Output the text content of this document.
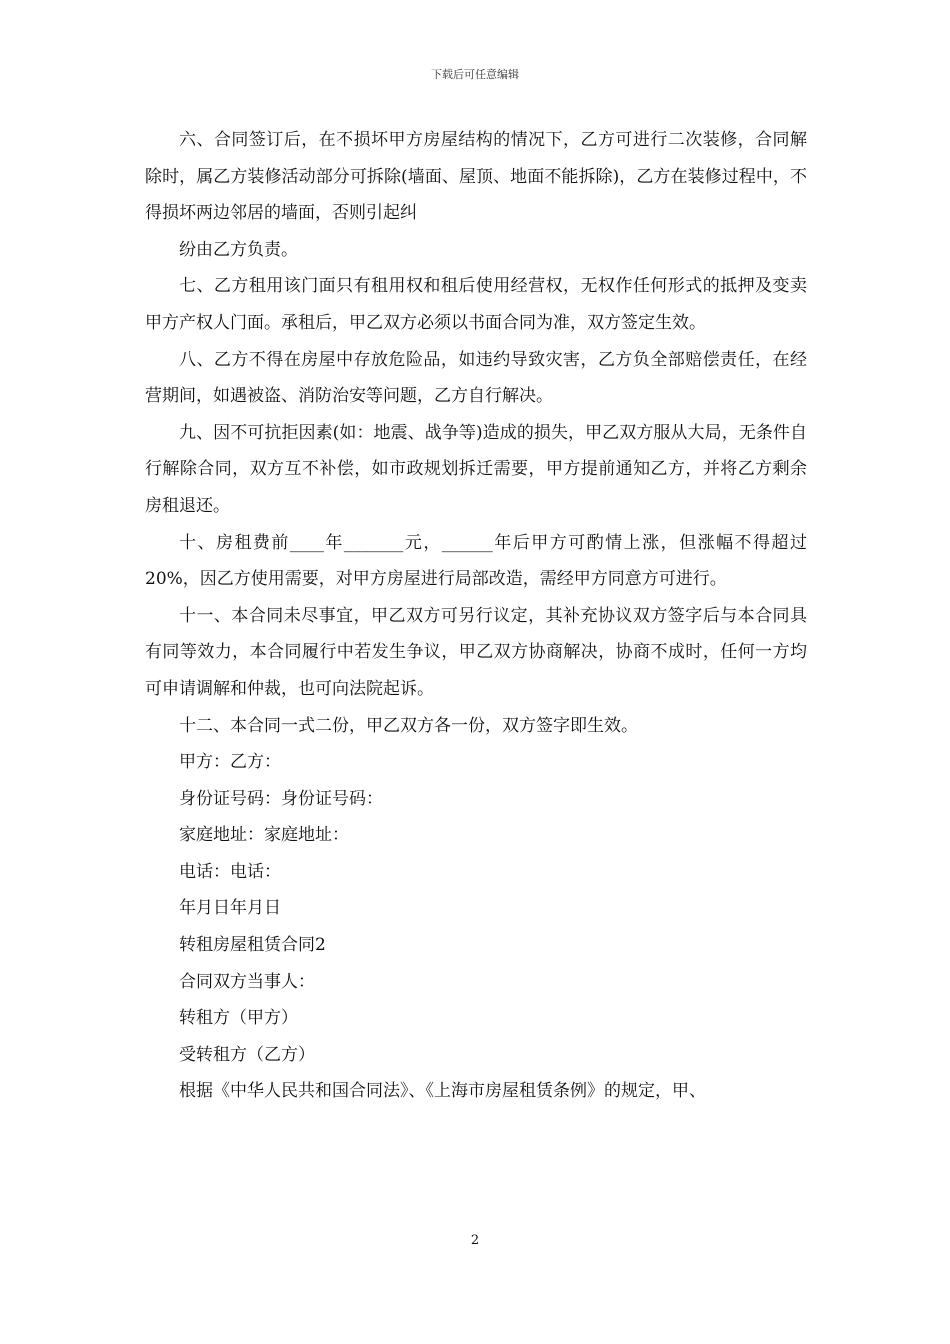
下载后可任意编辑

六、合同签订后，在不损坏甲方房屋结构的情况下，乙方可进行二次装修，合同解除时，属乙方装修活动部分可拆除(墙面、屋顶、地面不能拆除)，乙方在装修过程中，不得损坏两边邻居的墙面，否则引起纠

纷由乙方负责。

七、乙方租用该门面只有租用权和租后使用经营权，无权作任何形式的抵押及变卖甲方产权人门面。承租后，甲乙双方必须以书面合同为准，双方签定生效。

八、乙方不得在房屋中存放危险品，如违约导致灾害，乙方负全部赔偿责任，在经营期间，如遇被盗、消防治安等问题，乙方自行解决。

九、因不可抗拒因素(如：地震、战争等)造成的损失，甲乙双方服从大局，无条件自行解除合同，双方互不补偿，如市政规划拆迁需要，甲方提前通知乙方，并将乙方剩余房租退还。

十、房租费前____年_______元，______年后甲方可酌情上涨，但涨幅不得超过20%，因乙方使用需要，对甲方房屋进行局部改造，需经甲方同意方可进行。

十一、本合同未尽事宜，甲乙双方可另行议定，其补充协议双方签字后与本合同具有同等效力，本合同履行中若发生争议，甲乙双方协商解决，协商不成时，任何一方均可申请调解和仲裁，也可向法院起诉。

十二、本合同一式二份，甲乙双方各一份，双方签字即生效。

甲方：乙方：

身份证号码：身份证号码：

家庭地址：家庭地址：

电话：电话：

年月日年月日

转租房屋租赁合同2

合同双方当事人：

转租方（甲方）

受转租方（乙方）

根据《中华人民共和国合同法》、《上海市房屋租赁条例》的规定，甲、

2
